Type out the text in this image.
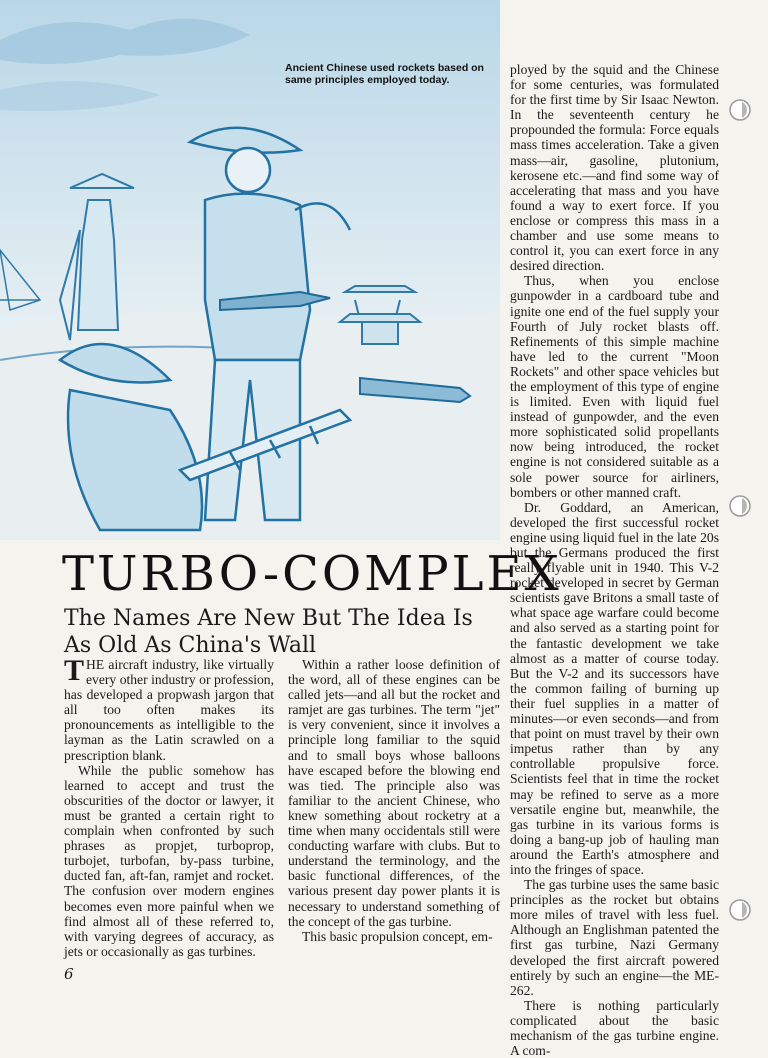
Ancient Chinese used rockets based on same principles employed today.
TURBO-COMPLEX
The Names Are New But The Idea Is As Old As China's Wall

THE aircraft industry, like virtually every other industry or profession, has developed a propwash jargon that all too often makes its pronouncements as intelligible to the layman as the Latin scrawled on a prescription blank.

While the public somehow has learned to accept and trust the obscurities of the doctor or lawyer, it must be granted a certain right to complain when confronted by such phrases as propjet, turboprop, turbojet, turbofan, by-pass turbine, ducted fan, aft-fan, ramjet and rocket. The confusion over modern engines becomes even more painful when we find almost all of these referred to, with varying degrees of accuracy, as jets or occasionally as gas turbines.

Within a rather loose definition of the word, all of these engines can be called jets—and all but the rocket and ramjet are gas turbines. The term "jet" is very convenient, since it involves a principle long familiar to the squid and to small boys whose balloons have escaped before the blowing end was tied. The principle also was familiar to the ancient Chinese, who knew something about rocketry at a time when many occidentals still were conducting warfare with clubs. But to understand the terminology, and the basic functional differences, of the various present day power plants it is necessary to understand something of the concept of the gas turbine.

This basic propulsion concept, em-

ployed by the squid and the Chinese for some centuries, was formulated for the first time by Sir Isaac Newton. In the seventeenth century he propounded the formula: Force equals mass times acceleration. Take a given mass—air, gasoline, plutonium, kerosene etc.—and find some way of accelerating that mass and you have found a way to exert force. If you enclose or compress this mass in a chamber and use some means to control it, you can exert force in any desired direction.

Thus, when you enclose gunpowder in a cardboard tube and ignite one end of the fuel supply your Fourth of July rocket blasts off. Refinements of this simple machine have led to the current "Moon Rockets" and other space vehicles but the employment of this type of engine is limited. Even with liquid fuel instead of gunpowder, and the even more sophisticated solid propellants now being introduced, the rocket engine is not considered suitable as a sole power source for airliners, bombers or other manned craft.

Dr. Goddard, an American, developed the first successful rocket engine using liquid fuel in the late 20s but the Germans produced the first really flyable unit in 1940. This V-2 rocket developed in secret by German scientists gave Britons a small taste of what space age warfare could become and also served as a starting point for the fantastic development we take almost as a matter of course today. But the V-2 and its successors have the common failing of burning up their fuel supplies in a matter of minutes—or even seconds—and from that point on must travel by their own impetus rather than by any controllable propulsive force. Scientists feel that in time the rocket may be refined to serve as a more versatile engine but, meanwhile, the gas turbine in its various forms is doing a bang-up job of hauling man around the Earth's atmosphere and into the fringes of space.

The gas turbine uses the same basic principles as the rocket but obtains more miles of travel with less fuel. Although an Englishman patented the first gas turbine, Nazi Germany developed the first aircraft powered entirely by such an engine—the ME-262.

There is nothing particularly complicated about the basic mechanism of the gas turbine engine. A com-

6
